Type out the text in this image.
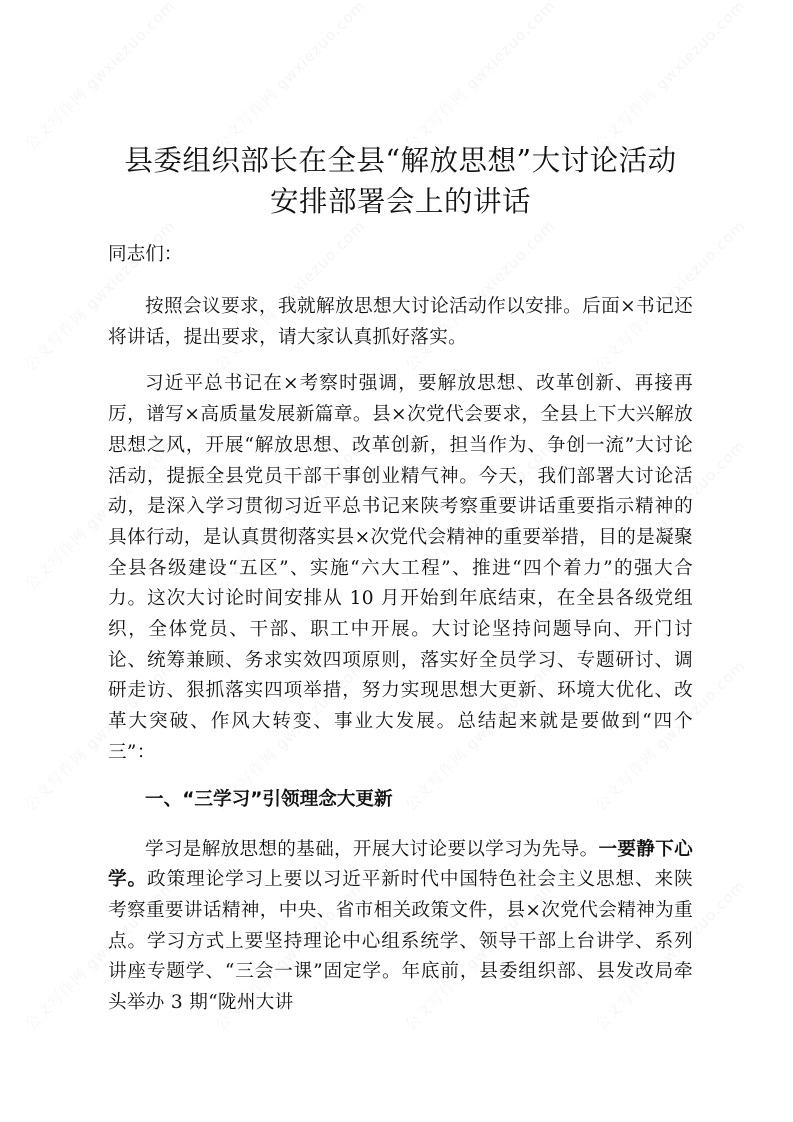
县委组织部长在全县“解放思想”大讨论活动
安排部署会上的讲话

同志们：

按照会议要求，我就解放思想大讨论活动作以安排。后面×书记还将讲话，提出要求，请大家认真抓好落实。

习近平总书记在×考察时强调，要解放思想、改革创新、再接再厉，谱写×高质量发展新篇章。县×次党代会要求，全县上下大兴解放思想之风，开展“解放思想、改革创新，担当作为、争创一流”大讨论活动，提振全县党员干部干事创业精气神。今天，我们部署大讨论活动，是深入学习贯彻习近平总书记来陕考察重要讲话重要指示精神的具体行动，是认真贯彻落实县×次党代会精神的重要举措，目的是凝聚全县各级建设“五区”、实施“六大工程”、推进“四个着力”的强大合力。这次大讨论时间安排从 10 月开始到年底结束，在全县各级党组织，全体党员、干部、职工中开展。大讨论坚持问题导向、开门讨论、统筹兼顾、务求实效四项原则，落实好全员学习、专题研讨、调研走访、狠抓落实四项举措，努力实现思想大更新、环境大优化、改革大突破、作风大转变、事业大发展。总结起来就是要做到“四个三”：

一、“三学习”引领理念大更新

学习是解放思想的基础，开展大讨论要以学习为先导。一要静下心学。政策理论学习上要以习近平新时代中国特色社会主义思想、来陕考察重要讲话精神，中央、省市相关政策文件，县×次党代会精神为重点。学习方式上要坚持理论中心组系统学、领导干部上台讲学、系列讲座专题学、“三会一课”固定学。年底前，县委组织部、县发改局牵头举办 3 期“陇州大讲
